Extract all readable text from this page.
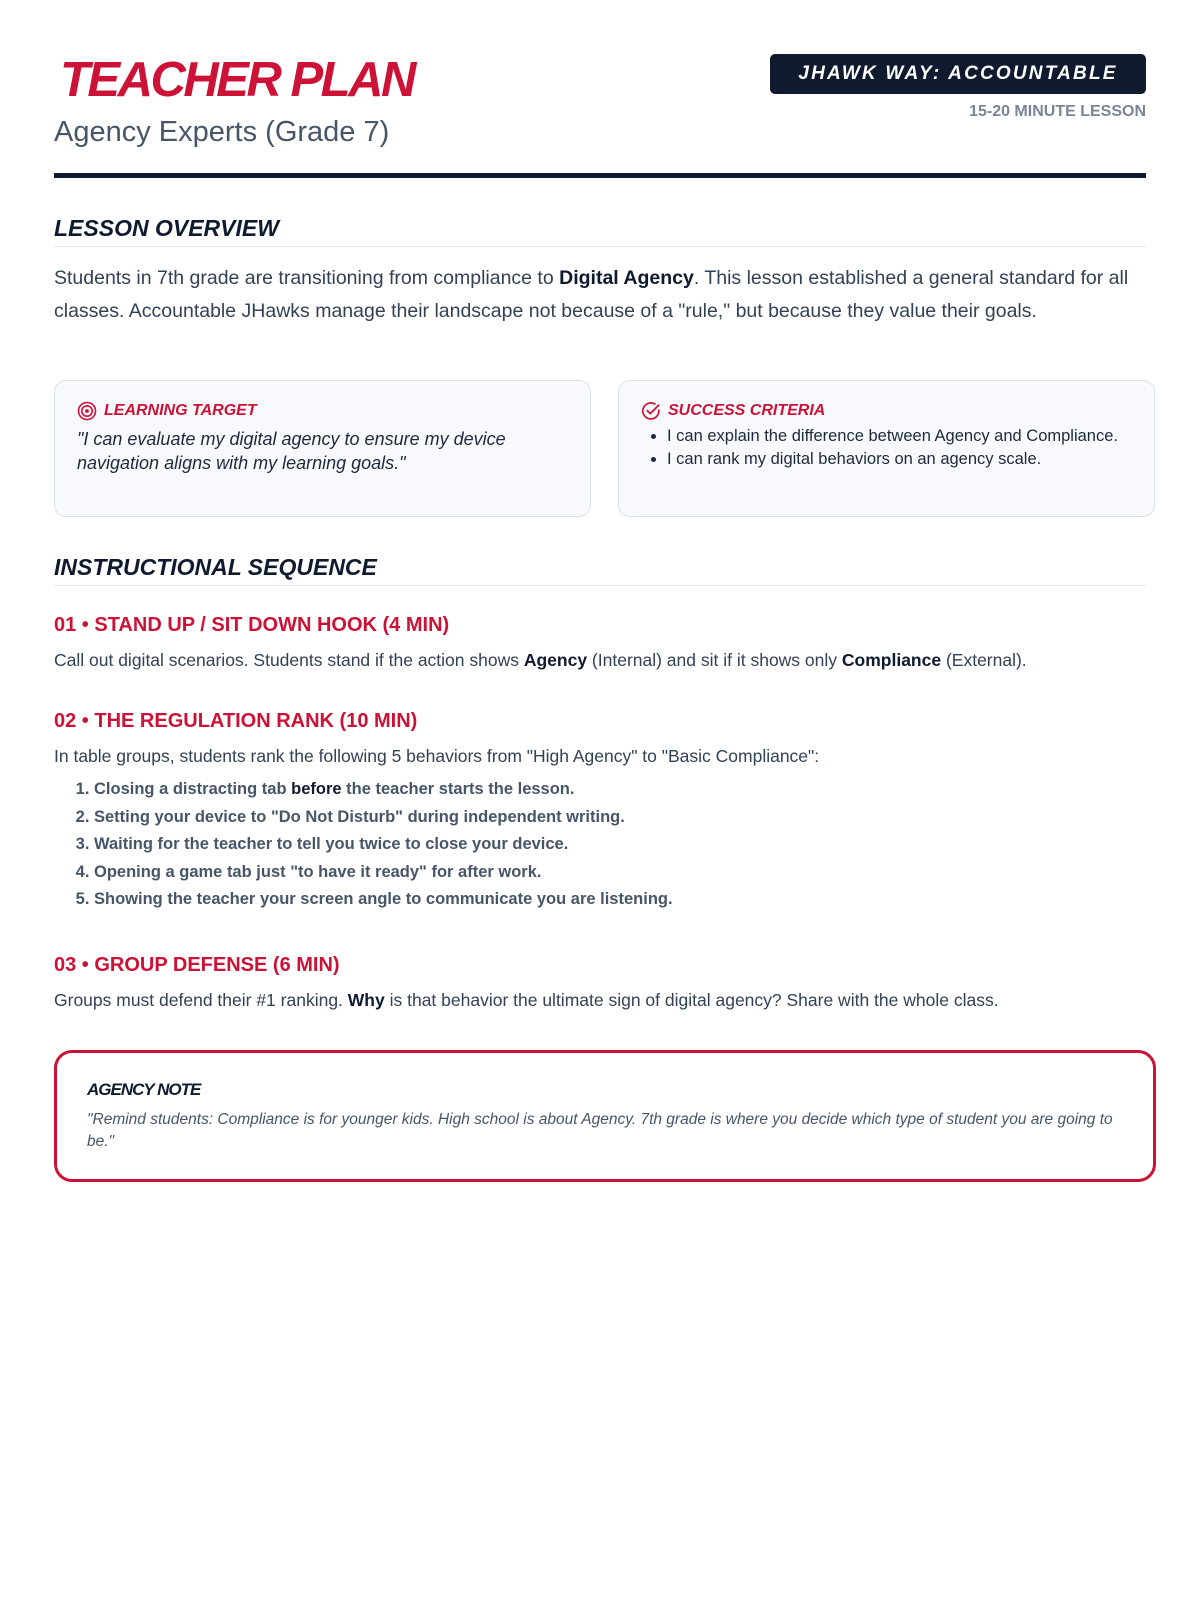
TEACHER PLAN
Agency Experts (Grade 7)
JHAWK WAY: ACCOUNTABLE
15-20 MINUTE LESSON
LESSON OVERVIEW

Students in 7th grade are transitioning from compliance to Digital Agency. This lesson established a general standard for all classes. Accountable JHawks manage their landscape not because of a "rule," but because they value their goals.

LEARNING TARGET
"I can evaluate my digital agency to ensure my device navigation aligns with my learning goals."
SUCCESS CRITERIA
• I can explain the difference between Agency and Compliance.
• I can rank my digital behaviors on an agency scale.
INSTRUCTIONAL SEQUENCE
01 • STAND UP / SIT DOWN HOOK (4 MIN)

Call out digital scenarios. Students stand if the action shows Agency (Internal) and sit if it shows only Compliance (External).

02 • THE REGULATION RANK (10 MIN)

In table groups, students rank the following 5 behaviors from "High Agency" to "Basic Compliance":

1. Closing a distracting tab before the teacher starts the lesson.
2. Setting your device to "Do Not Disturb" during independent writing.
3. Waiting for the teacher to tell you twice to close your device.
4. Opening a game tab just "to have it ready" for after work.
5. Showing the teacher your screen angle to communicate you are listening.
03 • GROUP DEFENSE (6 MIN)

Groups must defend their #1 ranking. Why is that behavior the ultimate sign of digital agency? Share with the whole class.

AGENCY NOTE
"Remind students: Compliance is for younger kids. High school is about Agency. 7th grade is where you decide which type of student you are going to be."
